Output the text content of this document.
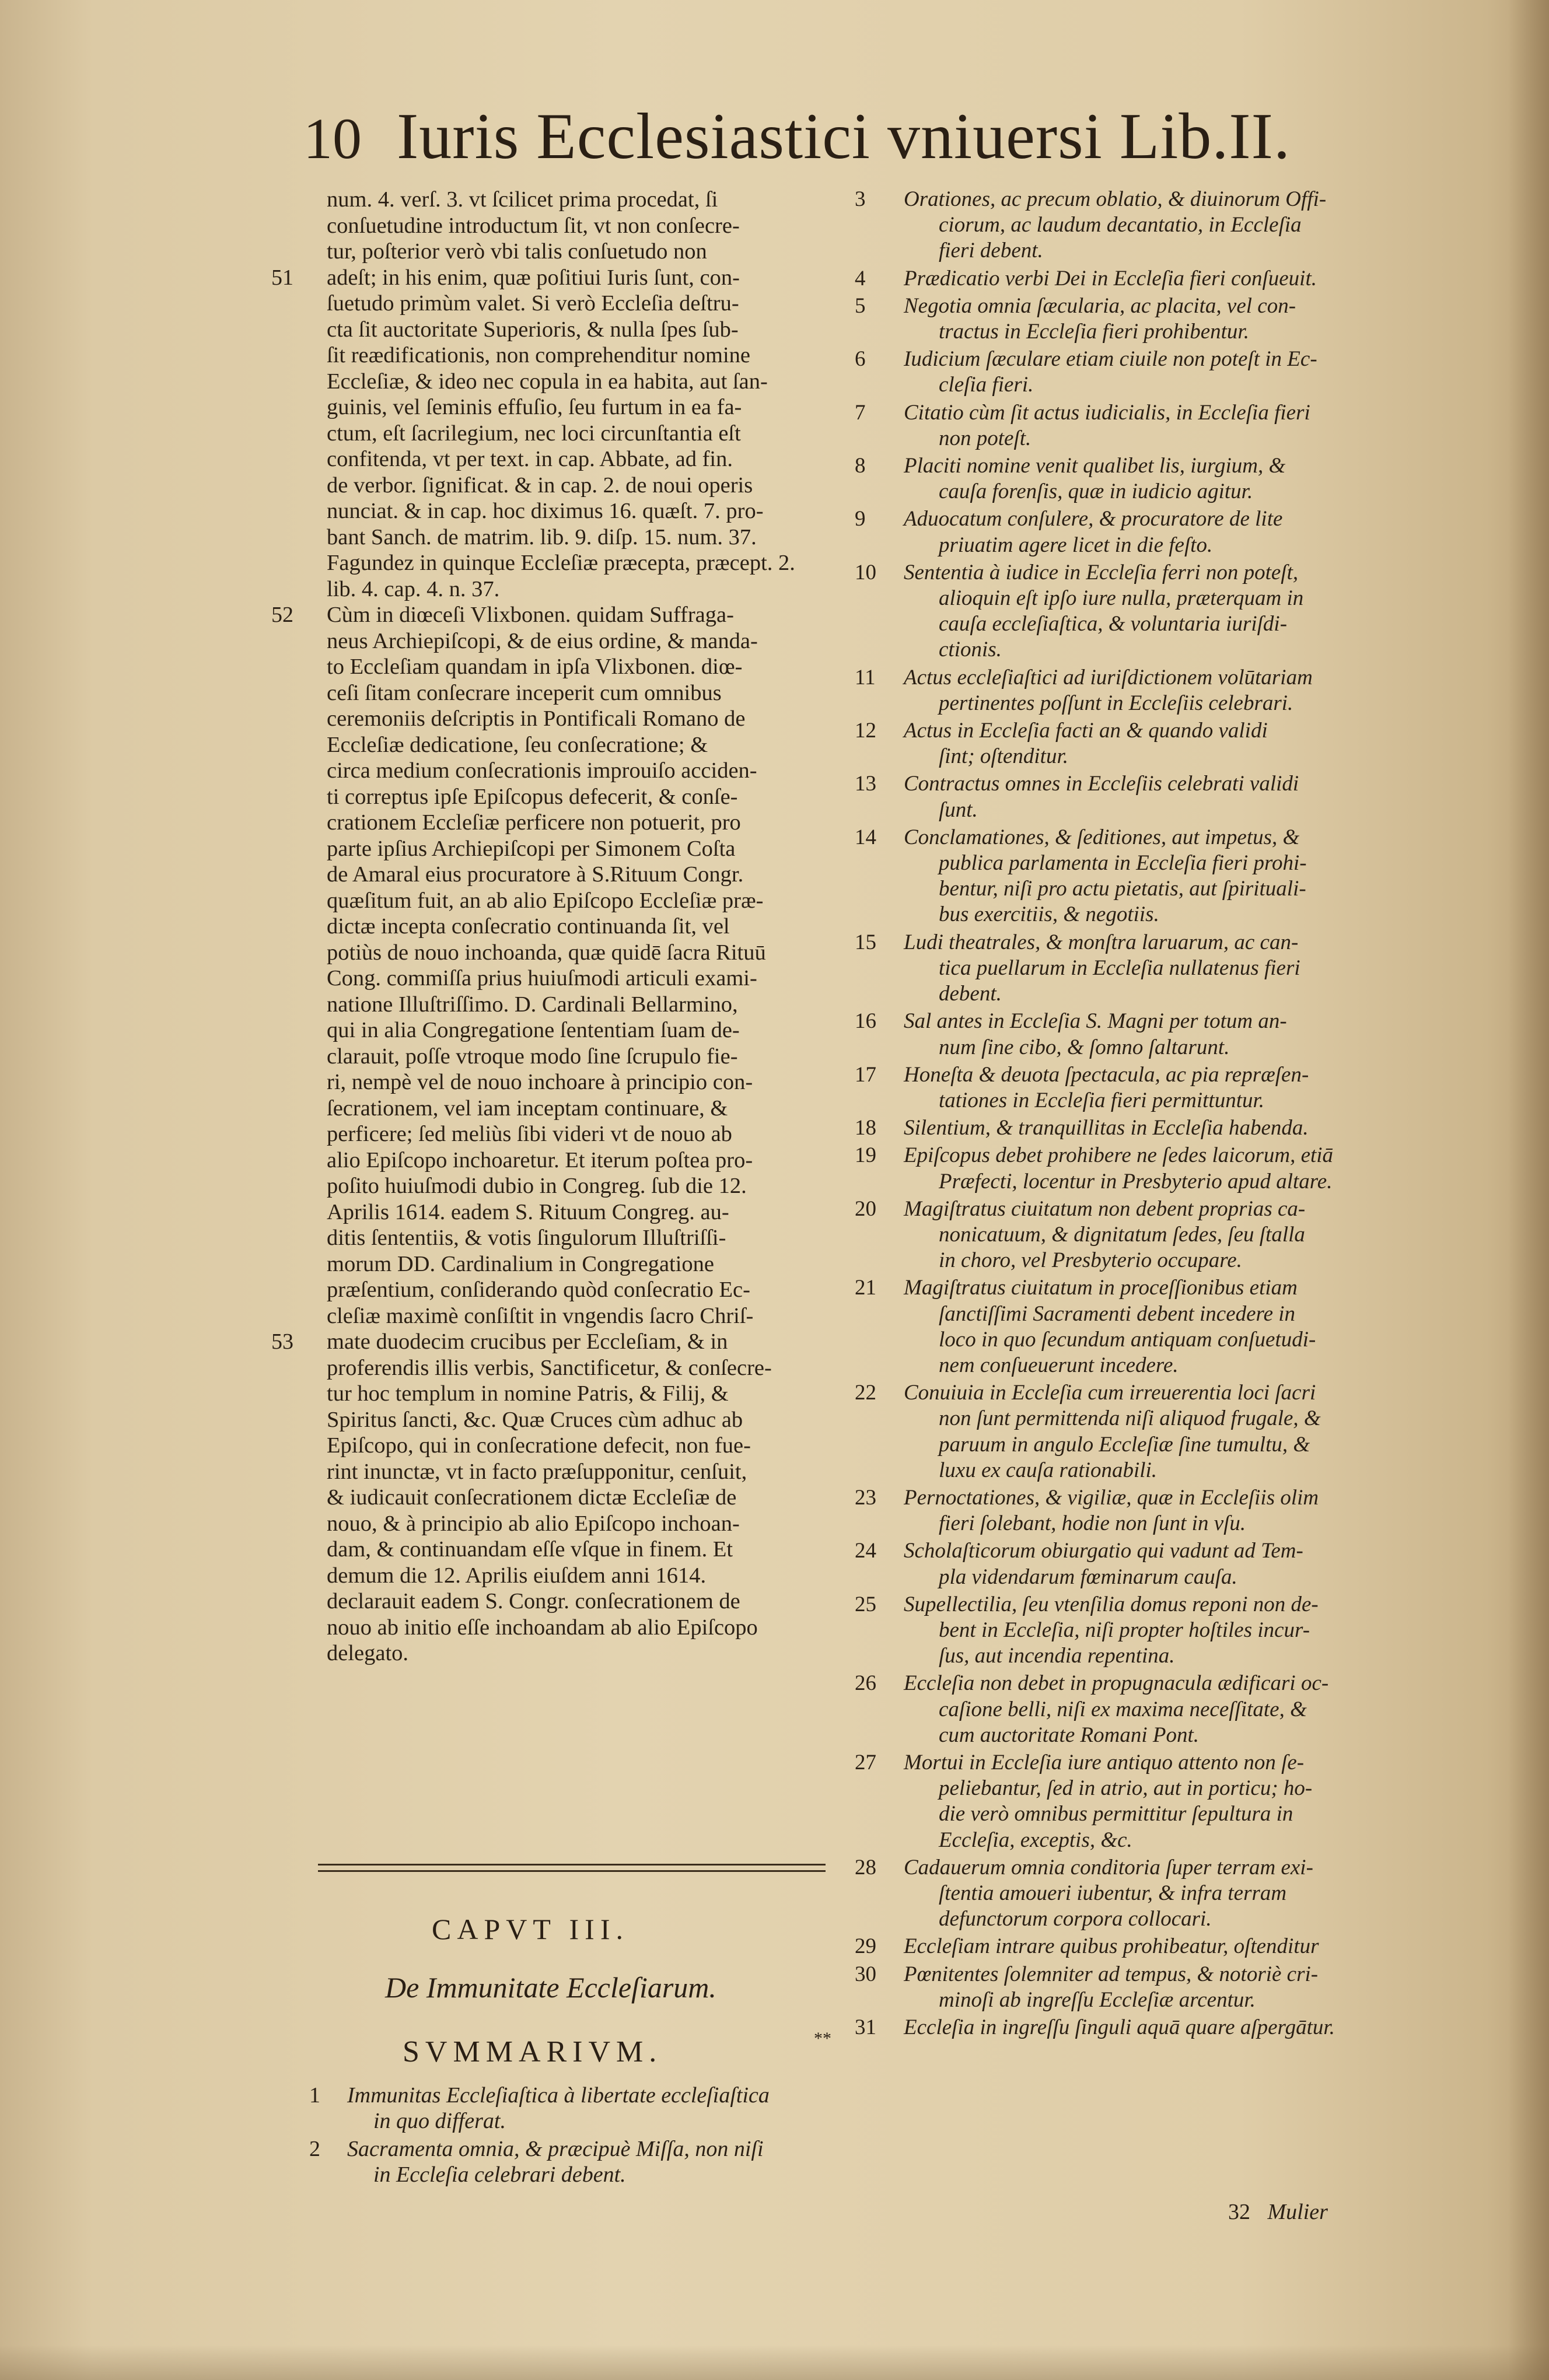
10 Iuris Ecclesiastici vniuersi Lib.II.
num. 4. verſ. 3. vt ſcilicet prima procedat, ſi
conſuetudine introductum ſit, vt non conſecre-
tur, poſterior verò vbi talis conſuetudo non
51 adeſt; in his enim, quæ poſitiui Iuris ſunt, con-
ſuetudo primùm valet. Si verò Eccleſia deſtru-
cta ſit auctoritate Superioris, & nulla ſpes ſub-
ſit reædificationis, non comprehenditur nomine
Eccleſiæ, & ideo nec copula in ea habita, aut ſan-
guinis, vel ſeminis effuſio, ſeu furtum in ea fa-
ctum, eſt ſacrilegium, nec loci circunſtantia eſt
confitenda, vt per text. in cap. Abbate, ad fin.
de verbor. ſignificat. & in cap. 2. de noui operis
nunciat. & in cap. hoc diximus 16. quæſt. 7. pro-
bant Sanch. de matrim. lib. 9. diſp. 15. num. 37.
Fagundez in quinque Eccleſiæ præcepta, præcept. 2.
lib. 4. cap. 4. n. 37.
52 Cùm in diœceſi Vlixbonen. quidam Suffraga-
neus Archiepiſcopi, & de eius ordine, & manda-
to Eccleſiam quandam in ipſa Vlixbonen. diœ-
ceſi ſitam conſecrare inceperit cum omnibus
ceremoniis deſcriptis in Pontificali Romano de
Eccleſiæ dedicatione, ſeu conſecratione; &
circa medium conſecrationis improuiſo acciden-
ti correptus ipſe Epiſcopus defecerit, & conſe-
crationem Eccleſiæ perficere non potuerit, pro
parte ipſius Archiepiſcopi per Simonem Coſta
de Amaral eius procuratore à S.Rituum Congr.
quæſitum fuit, an ab alio Epiſcopo Eccleſiæ præ-
dictæ incepta conſecratio continuanda ſit, vel
potiùs de nouo inchoanda, quæ quidē ſacra Rituū
Cong. commiſſa prius huiuſmodi articuli exami-
natione Illuſtriſſimo. D. Cardinali Bellarmino,
qui in alia Congregatione ſententiam ſuam de-
clarauit, poſſe vtroque modo ſine ſcrupulo fie-
ri, nempè vel de nouo inchoare à principio con-
ſecrationem, vel iam inceptam continuare, &
perficere; ſed meliùs ſibi videri vt de nouo ab
alio Epiſcopo inchoaretur. Et iterum poſtea pro-
poſito huiuſmodi dubio in Congreg. ſub die 12.
Aprilis 1614. eadem S. Rituum Congreg. au-
ditis ſententiis, & votis ſingulorum Illuſtriſſi-
morum DD. Cardinalium in Congregatione
præſentium, conſiderando quòd conſecratio Ec-
cleſiæ maximè conſiſtit in vngendis ſacro Chriſ-
53 mate duodecim crucibus per Eccleſiam, & in
proferendis illis verbis, Sanctificetur, & conſecre-
tur hoc templum in nomine Patris, & Filij, &
Spiritus ſancti, &c. Quæ Cruces cùm adhuc ab
Epiſcopo, qui in conſecratione defecit, non fue-
rint inunctæ, vt in facto præſupponitur, cenſuit,
& iudicauit conſecrationem dictæ Eccleſiæ de
nouo, & à principio ab alio Epiſcopo inchoan-
dam, & continuandam eſſe vſque in finem. Et
demum die 12. Aprilis eiuſdem anni 1614.
declarauit eadem S. Congr. conſecrationem de
nouo ab initio eſſe inchoandam ab alio Epiſcopo
delegato.
CAPVT III.
De Immunitate Eccleſiarum.
SVMMARIVM.	**
1	Immunitas Eccleſiaſtica à libertate eccleſiaſtica
in quo differat.
2	Sacramenta omnia, & præcipuè Miſſa, non niſi
in Eccleſia celebrari debent.
3 Orationes, ac precum oblatio, & diuinorum Offi-
ciorum, ac laudum decantatio, in Eccleſia
fieri debent.
4 Prædicatio verbi Dei in Eccleſia fieri conſueuit.
5 Negotia omnia ſæcularia, ac placita, vel con-
tractus in Eccleſia fieri prohibentur.
6 Iudicium ſæculare etiam ciuile non poteſt in Ec-
cleſia fieri.
7 Citatio cùm ſit actus iudicialis, in Eccleſia fieri
non poteſt.
8 Placiti nomine venit qualibet lis, iurgium, &
cauſa forenſis, quæ in iudicio agitur.
9 Aduocatum conſulere, & procuratore de lite
priuatim agere licet in die feſto.
10 Sententia à iudice in Eccleſia ferri non poteſt,
alioquin eſt ipſo iure nulla, præterquam in
cauſa eccleſiaſtica, & voluntaria iuriſdi-
ctionis.
11 Actus eccleſiaſtici ad iuriſdictionem volūtariam
pertinentes poſſunt in Eccleſiis celebrari.
12 Actus in Eccleſia facti an & quando validi
ſint; oſtenditur.
13 Contractus omnes in Eccleſiis celebrati validi
ſunt.
14 Conclamationes, & ſeditiones, aut impetus, &
publica parlamenta in Eccleſia fieri prohi-
bentur, niſi pro actu pietatis, aut ſpirituali-
bus exercitiis, & negotiis.
15 Ludi theatrales, & monſtra laruarum, ac can-
tica puellarum in Eccleſia nullatenus fieri
debent.
16 Sal antes in Eccleſia S. Magni per totum an-
num ſine cibo, & ſomno ſaltarunt.
17 Honeſta & deuota ſpectacula, ac pia repræſen-
tationes in Eccleſia fieri permittuntur.
18 Silentium, & tranquillitas in Eccleſia habenda.
19 Epiſcopus debet prohibere ne ſedes laicorum, etiā
Præfecti, locentur in Presbyterio apud altare.
20 Magiſtratus ciuitatum non debent proprias ca-
nonicatuum, & dignitatum ſedes, ſeu ſtalla
in choro, vel Presbyterio occupare.
21 Magiſtratus ciuitatum in proceſſionibus etiam
ſanctiſſimi Sacramenti debent incedere in
loco in quo ſecundum antiquam conſuetudi-
nem conſueuerunt incedere.
22 Conuiuia in Eccleſia cum irreuerentia loci ſacri
non ſunt permittenda niſi aliquod frugale, &
paruum in angulo Eccleſiæ ſine tumultu, &
luxu ex cauſa rationabili.
23 Pernoctationes, & vigiliæ, quæ in Eccleſiis olim
fieri ſolebant, hodie non ſunt in vſu.
24 Scholaſticorum obiurgatio qui vadunt ad Tem-
pla videndarum fœminarum cauſa.
25 Supellectilia, ſeu vtenſilia domus reponi non de-
bent in Eccleſia, niſi propter hoſtiles incur-
ſus, aut incendia repentina.
26 Eccleſia non debet in propugnacula ædificari oc-
caſione belli, niſi ex maxima neceſſitate, &
cum auctoritate Romani Pont.
27 Mortui in Eccleſia iure antiquo attento non ſe-
peliebantur, ſed in atrio, aut in porticu; ho-
die verò omnibus permittitur ſepultura in
Eccleſia, exceptis, &c.
28 Cadauerum omnia conditoria ſuper terram exi-
ſtentia amoueri iubentur, & infra terram
defunctorum corpora collocari.
29 Eccleſiam intrare quibus prohibeatur, oſtenditur
30 Pœnitentes ſolemniter ad tempus, & notoriè cri-
minoſi ab ingreſſu Eccleſiæ arcentur.
31 Eccleſia in ingreſſu ſinguli aquā quare aſpergātur.
32 Mulier
